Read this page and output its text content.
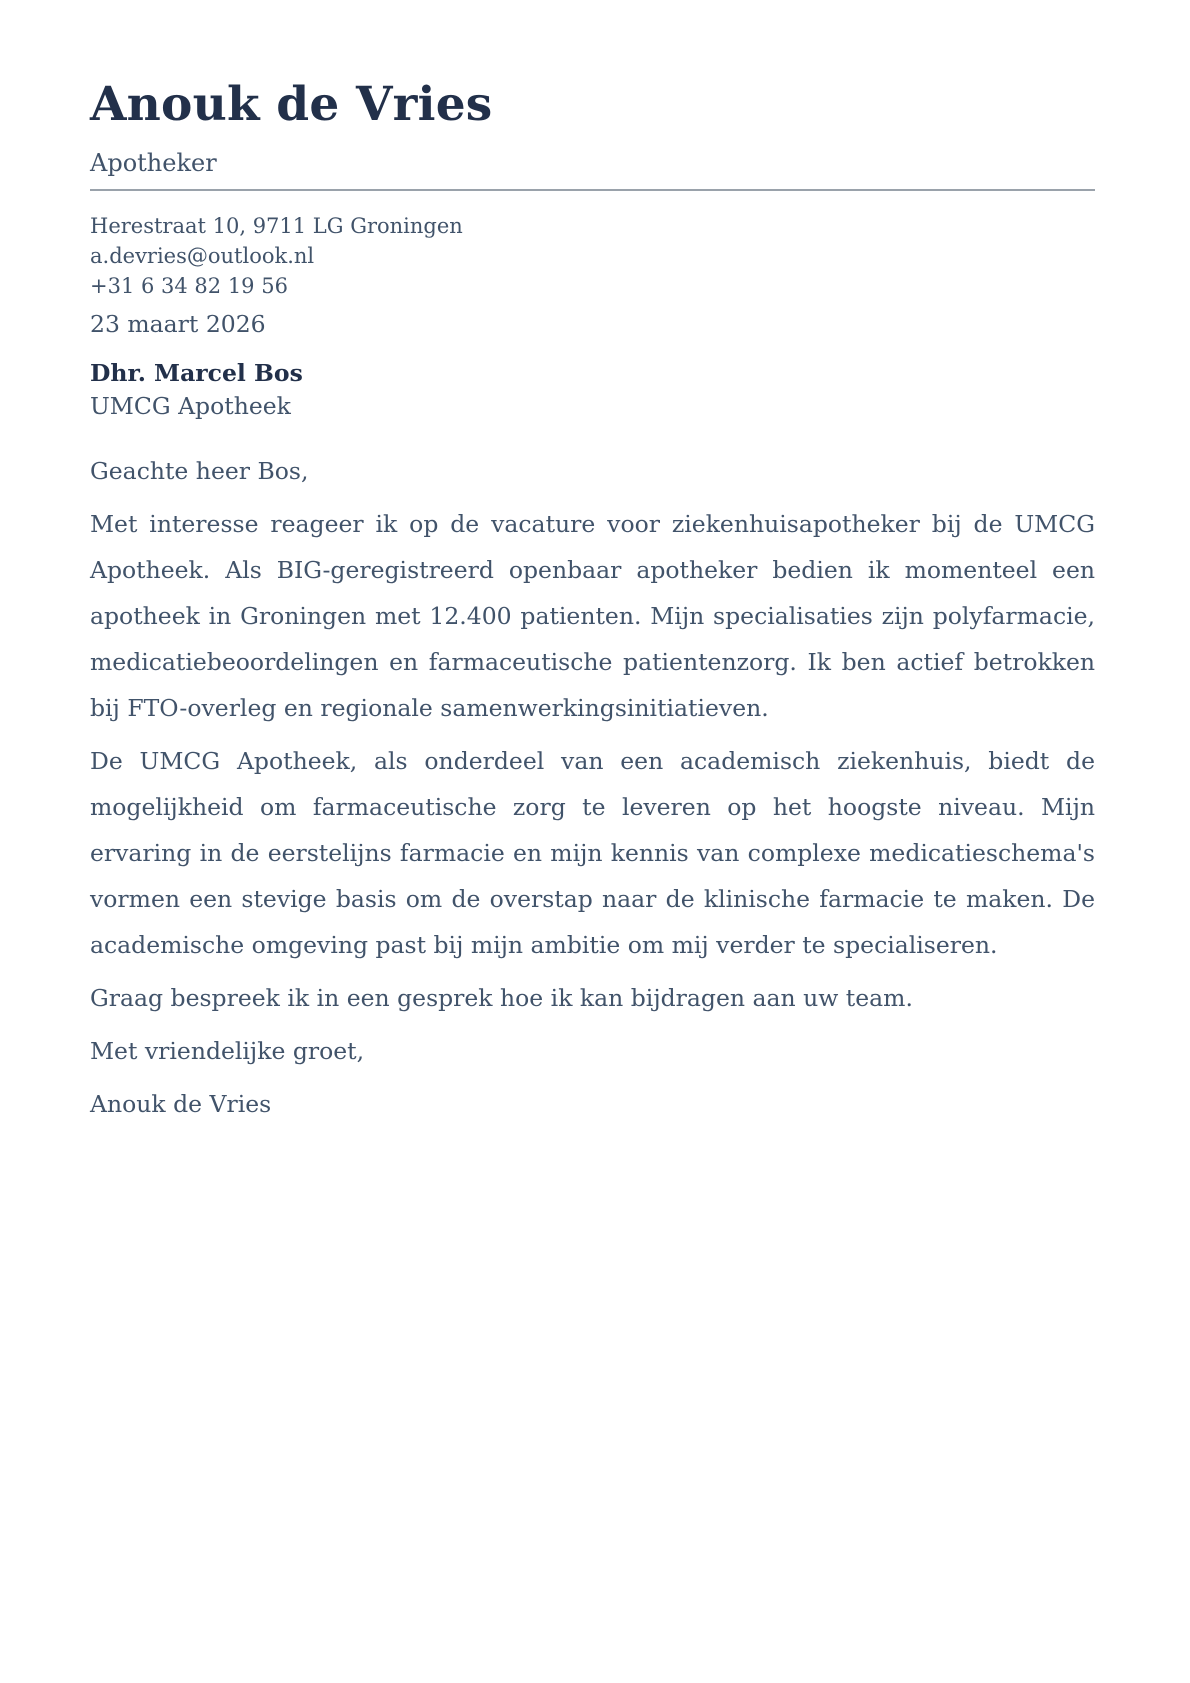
Anouk de Vries
Apotheker
Herestraat 10, 9711 LG Groningen
a.devries@outlook.nl
+31 6 34 82 19 56

23 maart 2026

Dhr. Marcel Bos
UMCG Apotheek

Geachte heer Bos,

Met interesse reageer ik op de vacature voor ziekenhuisapotheker bij de UMCG Apotheek. Als BIG-geregistreerd openbaar apotheker bedien ik momenteel een apotheek in Groningen met 12.400 patienten. Mijn specialisaties zijn polyfarmacie, medicatiebeoordelingen en farmaceutische patientenzorg. Ik ben actief betrokken bij FTO-overleg en regionale samenwerkingsinitiatieven.

De UMCG Apotheek, als onderdeel van een academisch ziekenhuis, biedt de mogelijkheid om farmaceutische zorg te leveren op het hoogste niveau. Mijn ervaring in de eerstelijns farmacie en mijn kennis van complexe medicatieschema's vormen een stevige basis om de overstap naar de klinische farmacie te maken. De academische omgeving past bij mijn ambitie om mij verder te specialiseren.

Graag bespreek ik in een gesprek hoe ik kan bijdragen aan uw team.

Met vriendelijke groet,

Anouk de Vries
